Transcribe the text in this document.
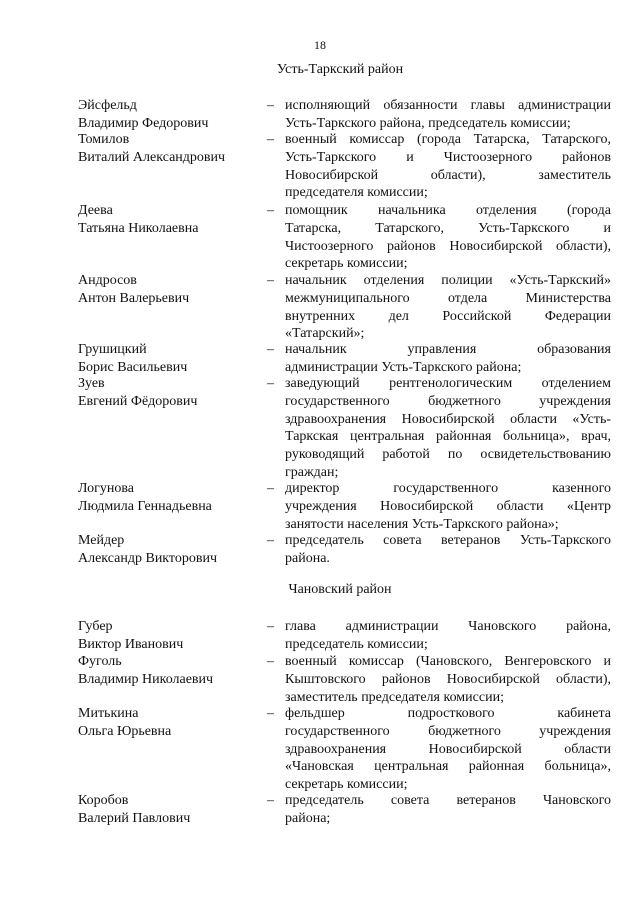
18
Усть-Таркский район
Эйсфельд
Владимир Федорович
– исполняющий обязанности главы администрации
Усть-Таркского района, председатель комиссии;
Томилов
Виталий Александрович
– военный комиссар (города Татарска, Татарского,
Усть-Таркского и Чистоозерного районов
Новосибирской области), заместитель
председателя комиссии;
Деева
Татьяна Николаевна
– помощник начальника отделения (города
Татарска, Татарского, Усть-Таркского и
Чистоозерного районов Новосибирской области),
секретарь комиссии;
Андросов
Антон Валерьевич
– начальник отделения полиции «Усть-Таркский»
межмуниципального отдела Министерства
внутренних дел Российской Федерации
«Татарский»;
Грушицкий
Борис Васильевич
– начальник управления образования
администрации Усть-Таркского района;
Зуев
Евгений Фёдорович
– заведующий рентгенологическим отделением
государственного бюджетного учреждения
здравоохранения Новосибирской области «Усть-
Таркская центральная районная больница», врач,
руководящий работой по освидетельствованию
граждан;
Логунова
Людмила Геннадьевна
– директор государственного казенного
учреждения Новосибирской области «Центр
занятости населения Усть-Таркского района»;
Мейдер
Александр Викторович
– председатель совета ветеранов Усть-Таркского
района.
Чановский район
Губер
Виктор Иванович
– глава администрации Чановского района,
председатель комиссии;
Фуголь
Владимир Николаевич
– военный комиссар (Чановского, Венгеровского и
Кыштовского районов Новосибирской области),
заместитель председателя комиссии;
Митькина
Ольга Юрьевна
– фельдшер подросткового кабинета
государственного бюджетного учреждения
здравоохранения Новосибирской области
«Чановская центральная районная больница»,
секретарь комиссии;
Коробов
Валерий Павлович
– председатель совета ветеранов Чановского
района;
